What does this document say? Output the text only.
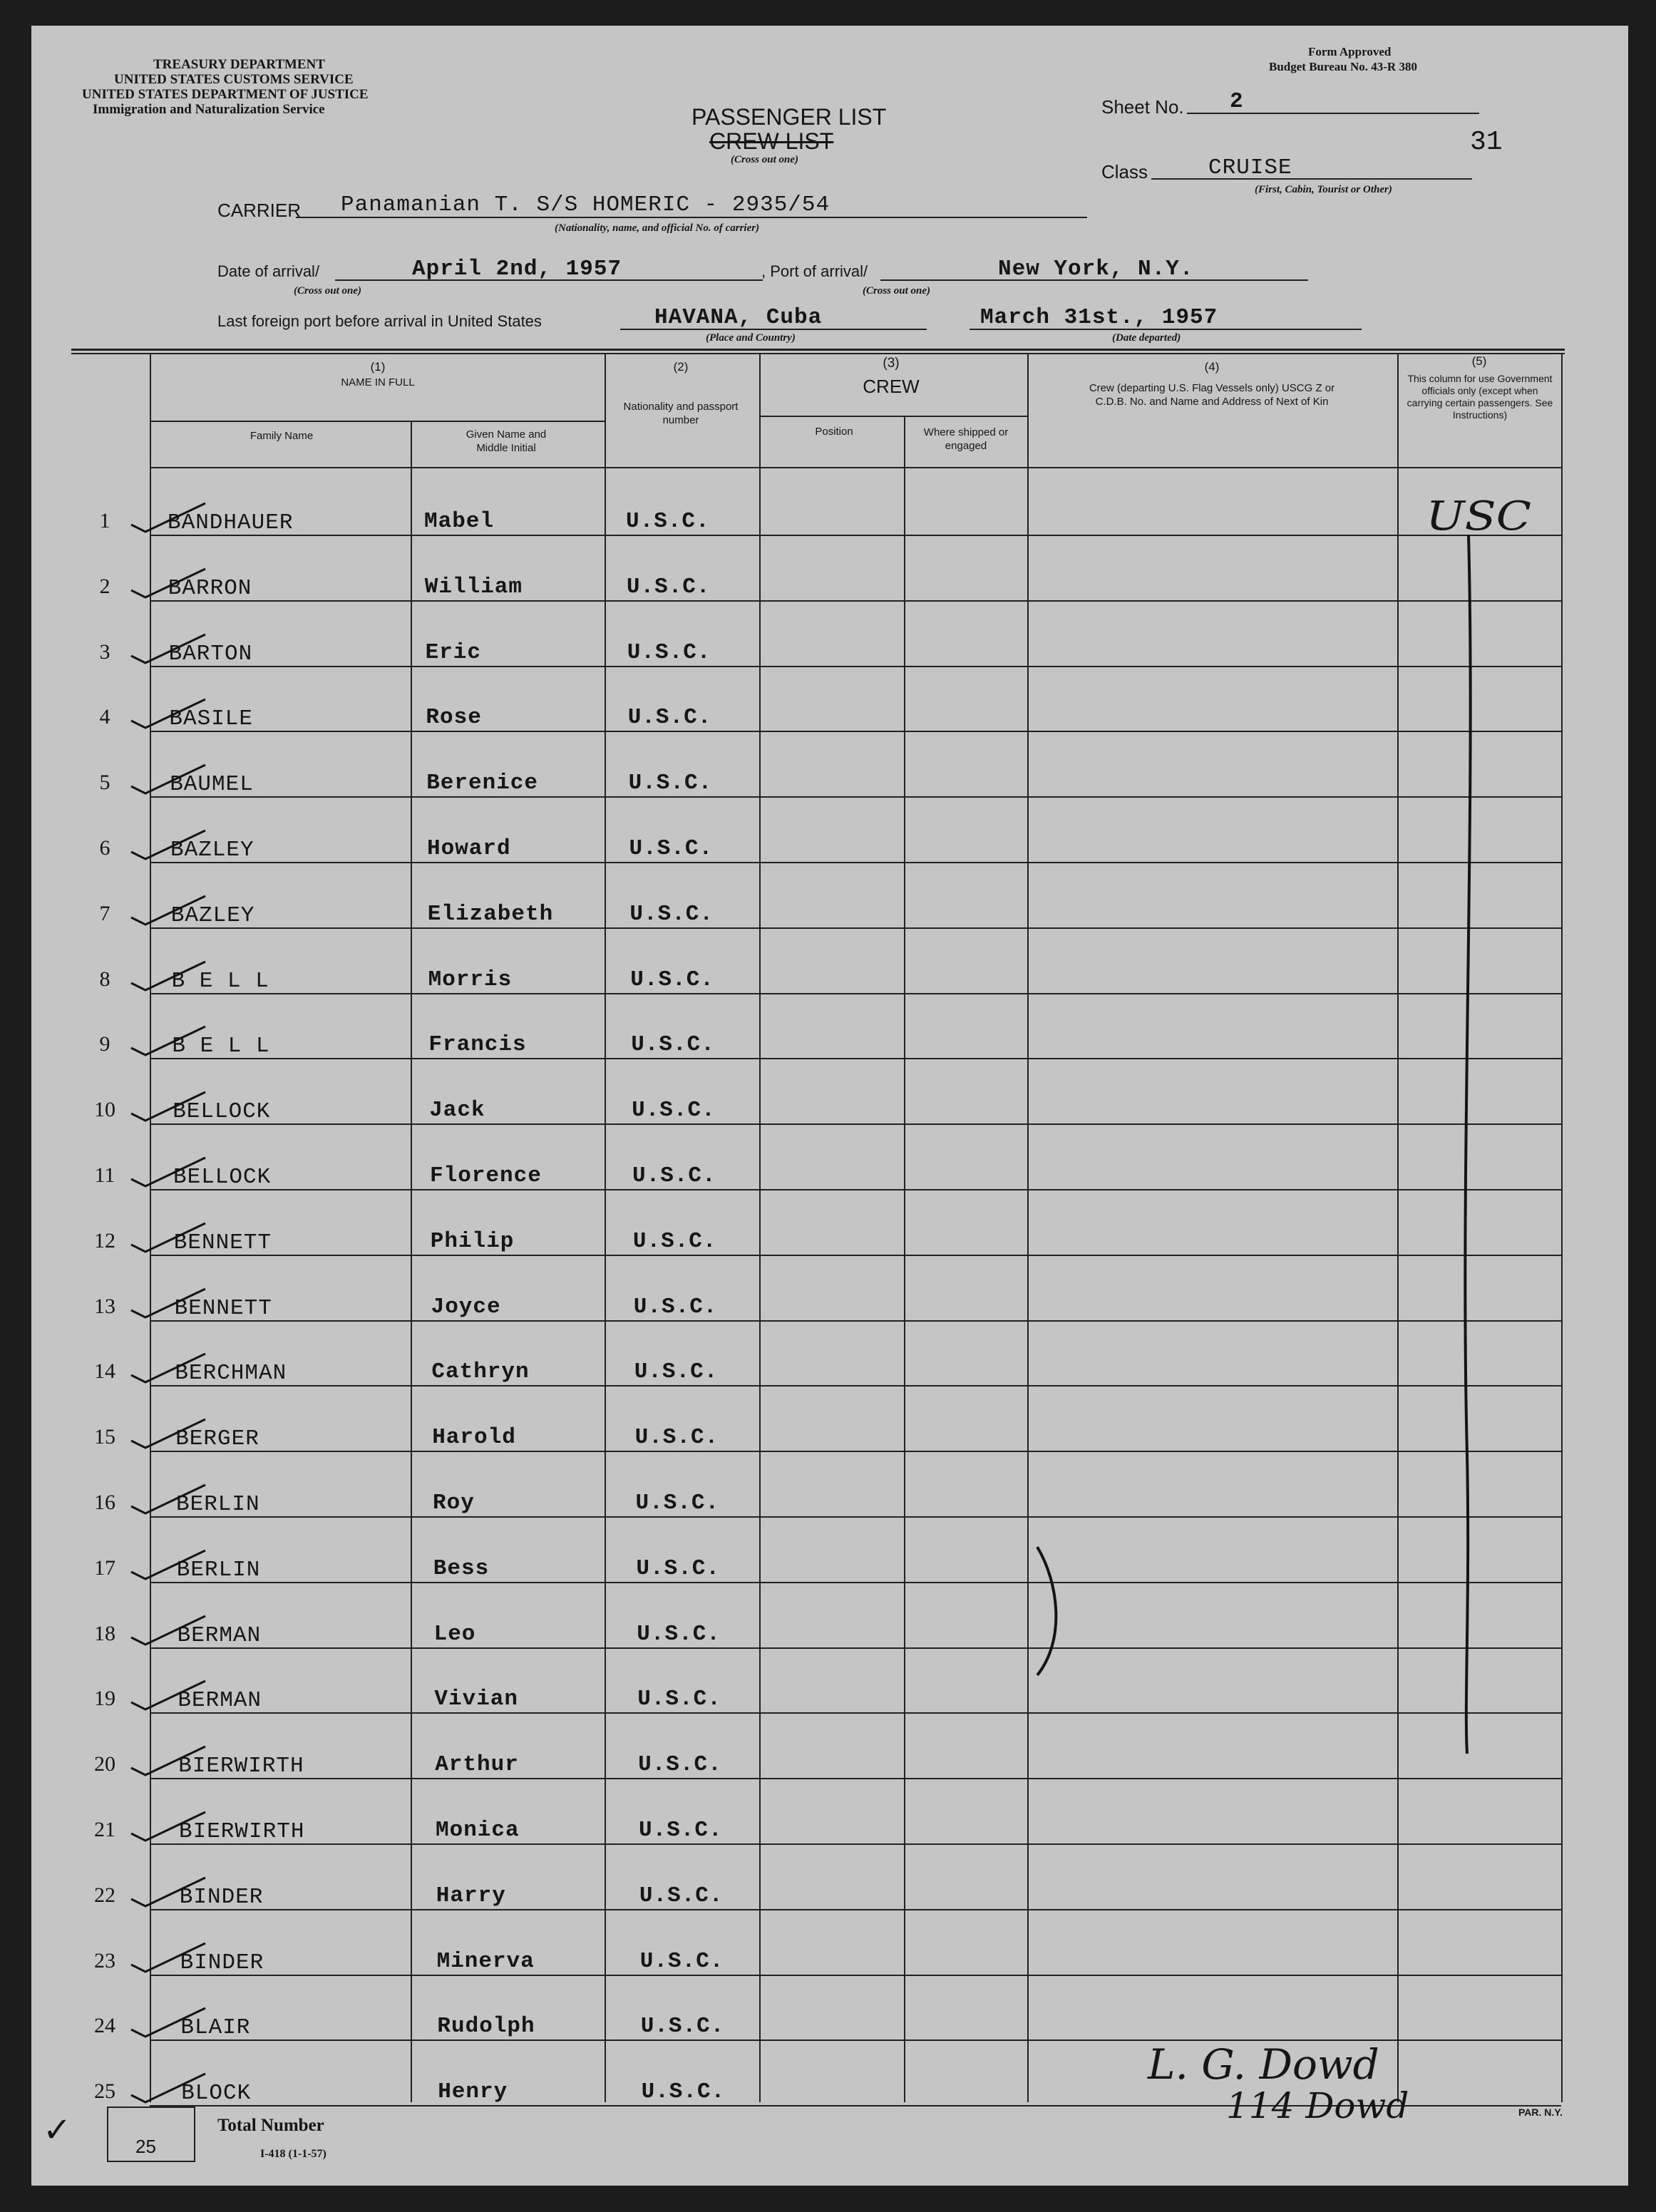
TREASURY DEPARTMENT
UNITED STATES CUSTOMS SERVICE
UNITED STATES DEPARTMENT OF JUSTICE
Immigration and Naturalization Service
Form Approved
Budget Bureau No. 43-R 380
PASSENGER LIST
CREW LIST
(Cross out one)
Sheet No. 2
31
Class	CRUISE
(First, Cabin, Tourist or Other)
CARRIER Panamanian T. S/S HOMERIC - 2935/54
(Nationality, name, and official No. of carrier)
Date of arrival/	April 2nd, 1957	, Port of arrival/	New York, N.Y.
(Cross out one)	(Cross out one)
Last foreign port before arrival in United States	HAVANA, Cuba
(Place and Country)
March 31st., 1957
(Date departed)
(1)
NAME IN FULL
Family Name	Given Name and Middle Initial
(2)
Nationality and passport number
(3)
CREW
Position	Where shipped or engaged
(4)
Crew (departing U.S. Flag Vessels only) USCG Z or C.D.B. No. and Name and Address of Next of Kin
(5)
This column for use Government officials only (except when carrying certain passengers. See Instructions)
1	BANDHAUER	Mabel	U.S.C.
2	BARRON	William	U.S.C.
3	BARTON	Eric	U.S.C.
4	BASILE	Rose	U.S.C.
5	BAUMEL	Berenice	U.S.C.
6	BAZLEY	Howard	U.S.C.
7	BAZLEY	Elizabeth	U.S.C.
8	B E L L	Morris	U.S.C.
9	B E L L	Francis	U.S.C.
10	BELLOCK	Jack	U.S.C.
11	BELLOCK	Florence	U.S.C.
12	BENNETT	Philip	U.S.C.
13	BENNETT	Joyce	U.S.C.
14	BERCHMAN	Cathryn	U.S.C.
15	BERGER	Harold	U.S.C.
16	BERLIN	Roy	U.S.C.
17	BERLIN	Bess	U.S.C.
18	BERMAN	Leo	U.S.C.
19	BERMAN	Vivian	U.S.C.
20	BIERWIRTH	Arthur	U.S.C.
21	BIERWIRTH	Monica	U.S.C.
22	BINDER	Harry	U.S.C.
23	BINDER	Minerva	U.S.C.
24	BLAIR	Rudolph	U.S.C.
25	BLOCK	Henry	U.S.C.
USC
✓	25
Total Number
I-418 (1-1-57)
PAR. N.Y.
L. G. Dowd
114 Dowd
